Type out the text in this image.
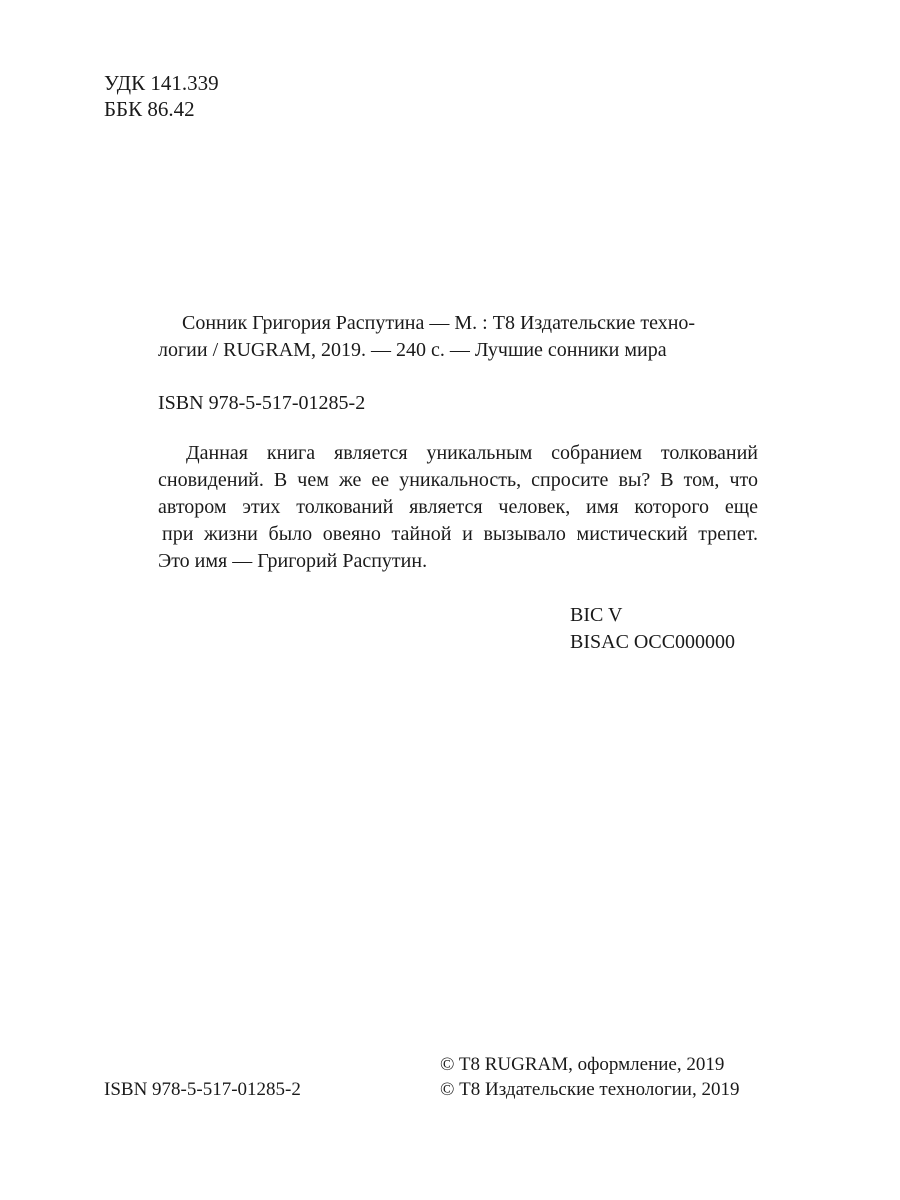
УДК 141.339
ББК 86.42
Сонник Григория Распутина — М. : Т8 Издательские техно-
логии / RUGRAM, 2019. — 240 с. — Лучшие сонники мира
ISBN 978-5-517-01285-2
Данная книга является уникальным собранием толкований
сновидений. В чем же ее уникальность, спросите вы? В том, что
автором этих толкований является человек, имя которого еще
при жизни было овеяно тайной и вызывало мистический трепет.
Это имя — Григорий Распутин.
BIC V
BISAC OCC000000
© T8 RUGRAM, оформление, 2019
© Т8 Издательские технологии, 2019
ISBN 978-5-517-01285-2
